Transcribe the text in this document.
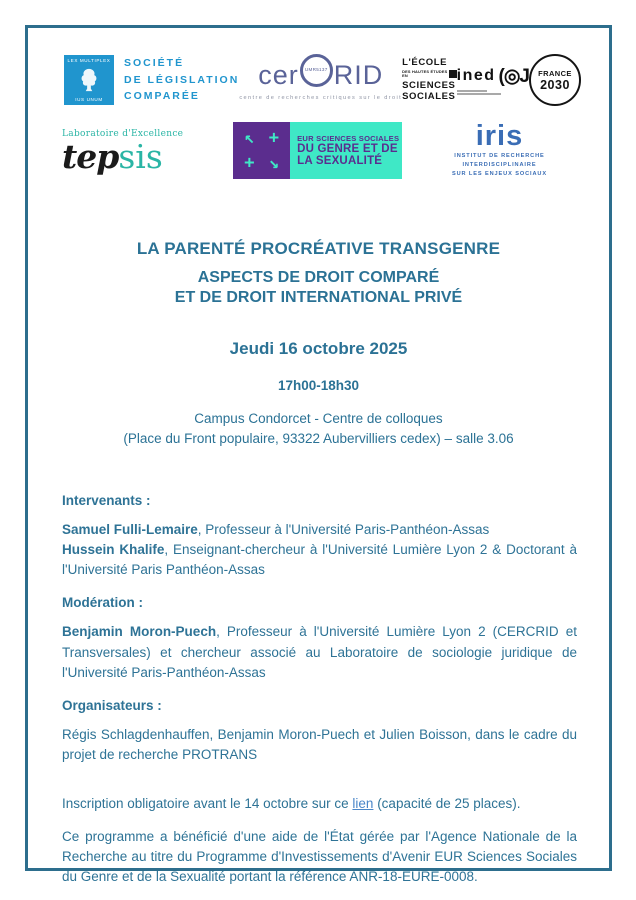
LEX MULTIPLEX
IUS UNUM
SOCIÉTÉ
DE LÉGISLATION
COMPARÉE
cer	UMR5137 RID
centre de recherches critiques sur le droit
L'ÉCOLE
DES HAUTES ÉTUDES EN
SCIENCES
SOCIALES
ined (◎J FRANCE
2030
Laboratoire d'Excellence
tepsis	↖ +
+ ↘
EUR SCIENCES SOCIALES
DU GENRE ET DE
LA SEXUALITÉ
iris
INSTITUT DE RECHERCHE
INTERDISCIPLINAIRE
SUR LES ENJEUX SOCIAUX
LA PARENTÉ PROCRÉATIVE TRANSGENRE
ASPECTS DE DROIT COMPARÉ
ET DE DROIT INTERNATIONAL PRIVÉ
Jeudi 16 octobre 2025
17h00-18h30
Campus Condorcet - Centre de colloques
(Place du Front populaire, 93322 Aubervilliers cedex) – salle 3.06
Intervenants :

Samuel Fulli-Lemaire, Professeur à l'Université Paris-Panthéon-Assas

Hussein Khalife, Enseignant-chercheur à l'Université Lumière Lyon 2 & Doctorant à l'Université Paris Panthéon-Assas

Modération :

Benjamin Moron-Puech, Professeur à l'Université Lumière Lyon 2 (CERCRID et Transversales) et chercheur associé au Laboratoire de sociologie juridique de l'Université Paris-Panthéon-Assas

Organisateurs :

Régis Schlagdenhauffen, Benjamin Moron-Puech et Julien Boisson, dans le cadre du projet de recherche PROTRANS

Inscription obligatoire avant le 14 octobre sur ce lien (capacité de 25 places).

Ce programme a bénéficié d'une aide de l'État gérée par l'Agence Nationale de la Recherche au titre du Programme d'Investissements d'Avenir EUR Sciences Sociales du Genre et de la Sexualité portant la référence ANR-18-EURE-0008.
